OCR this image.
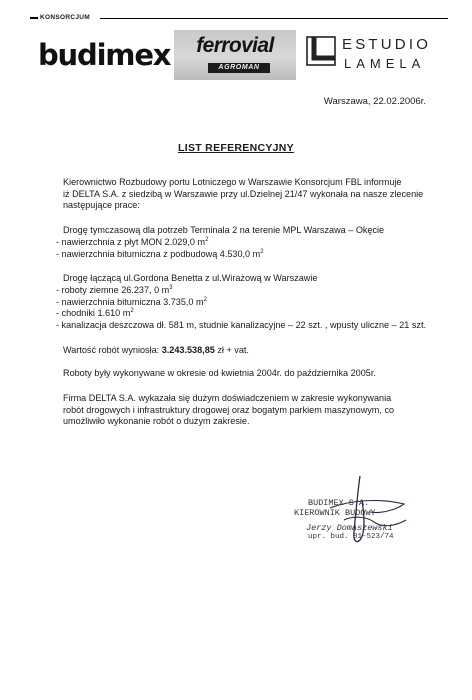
KONSORCJUM
budimex	ferrovial
AGROMAN
ESTUDIO
LAMELA
Warszawa, 22.02.2006r.
LIST REFERENCYJNY
Kierownictwo Rozbudowy portu Lotniczego w Warszawie Konsorcjum FBL informuje
iż DELTA S.A. z siedzibą w Warszawie przy ul.Dzielnej 21/47 wykonała na nasze zlecenie
następujące prace:
Drogę tymczasową dla potrzeb Terminala 2 na terenie MPL Warszawa – Okęcie
- nawierzchnia z płyt MON 2.029,0 $m^2$
- nawierzchnia bitumiczna z podbudową 4.530,0 $m^2$
Drogę łączącą ul.Gordona Benetta z ul.Wirażową w Warszawie
- roboty ziemne 26.237, 0 $m^3$
- nawierzchnia bitumiczna 3.735,0 $m^2$
- chodniki 1.610 $m^2$
- kanalizacja deszczowa dł. 581 m, studnie kanalizacyjne – 22 szt. , wpusty uliczne – 21 szt.
Wartość robót wyniosła: 3.243.538,85 zł + vat.
Roboty były wykonywane w okresie od kwietnia 2004r. do października 2005r.
Firma DELTA S.A. wykazała się dużym doświadczeniem w zakresie wykonywania
robót drogowych i infrastruktury drogowej oraz bogatym parkiem maszynowym, co
umożliwiło wykonanie robót o dużym zakresie.
BUDIMEX S.A.
KIEROWNIK BUDOWY
Jerzy Domaszewski
upr. bud. 81-523/74
